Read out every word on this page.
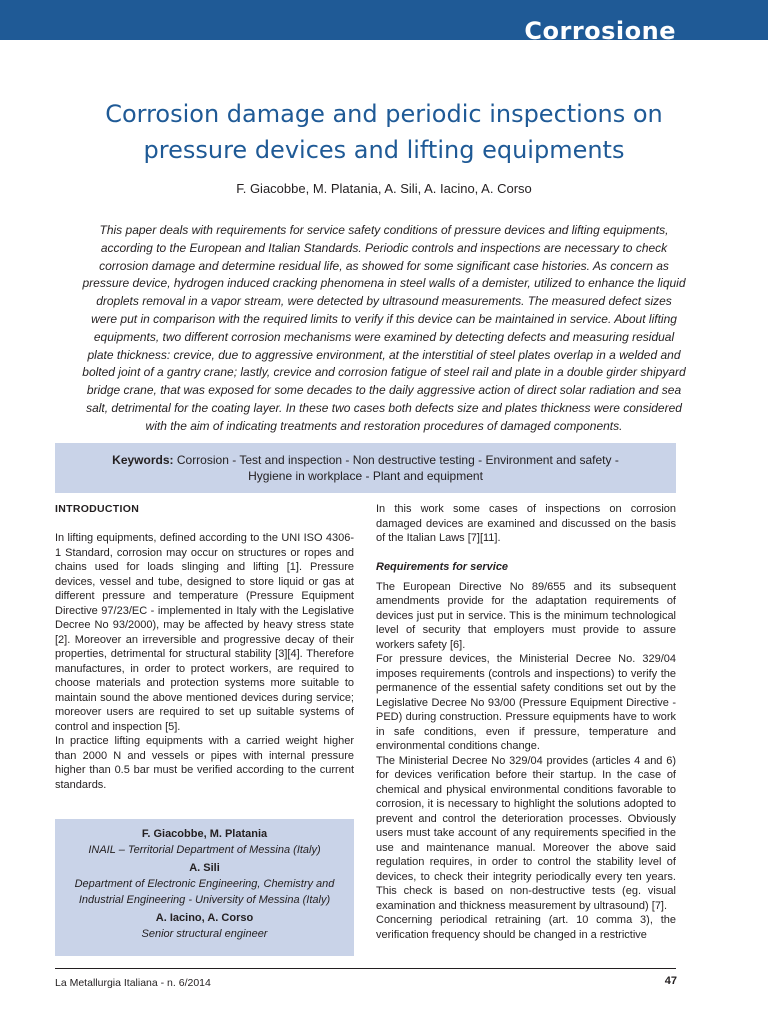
Corrosione
Corrosion damage and periodic inspections on
pressure devices and lifting equipments
F. Giacobbe, M. Platania, A. Sili, A. Iacino, A. Corso

This paper deals with requirements for service safety conditions of pressure devices and lifting equipments,
according to the European and Italian Standards. Periodic controls and inspections are necessary to check
corrosion damage and determine residual life, as showed for some significant case histories. As concern as
pressure device, hydrogen induced cracking phenomena in steel walls of a demister, utilized to enhance the liquid
droplets removal in a vapor stream, were detected by ultrasound measurements. The measured defect sizes
were put in comparison with the required limits to verify if this device can be maintained in service. About lifting
equipments, two different corrosion mechanisms were examined by detecting defects and measuring residual
plate thickness: crevice, due to aggressive environment, at the interstitial of steel plates overlap in a welded and
bolted joint of a gantry crane; lastly, crevice and corrosion fatigue of steel rail and plate in a double girder shipyard
bridge crane, that was exposed for some decades to the daily aggressive action of direct solar radiation and sea
salt, detrimental for the coating layer. In these two cases both defects size and plates thickness were considered
with the aim of indicating treatments and restoration procedures of damaged components.

Keywords: Corrosion - Test and inspection - Non destructive testing - Environment and safety -
Hygiene in workplace - Plant and equipment

INTRODUCTION

In lifting equipments, defined according to the UNI ISO 4306-1 Standard, corrosion may occur on structures or ropes and chains used for loads slinging and lifting [1]. Pressure devices, vessel and tube, designed to store liquid or gas at different pressure and temperature (Pressure Equipment Directive 97/23/EC - implemented in Italy with the Legislative Decree No 93/2000), may be affected by heavy stress state [2]. Moreover an irreversible and progressive decay of their properties, detrimental for structural stability [3][4]. Therefore manufactures, in order to protect workers, are required to choose materials and protection systems more suitable to maintain sound the above mentioned devices during service; moreover users are required to set up suitable systems of control and inspection [5].

In practice lifting equipments with a carried weight higher than 2000 N and vessels or pipes with internal pressure higher than 0.5 bar must be verified according to the current standards.

F. Giacobbe, M. Platania
INAIL – Territorial Department of Messina (Italy)
A. Sili
Department of Electronic Engineering, Chemistry and
Industrial Engineering - University of Messina (Italy)
A. Iacino, A. Corso
Senior structural engineer

In this work some cases of inspections on corrosion damaged devices are examined and discussed on the basis of the Italian Laws [7][11].

Requirements for service

The European Directive No 89/655 and its subsequent amendments provide for the adaptation requirements of devices just put in service. This is the minimum technological level of security that employers must provide to assure workers safety [6].

For pressure devices, the Ministerial Decree No. 329/04 imposes requirements (controls and inspections) to verify the permanence of the essential safety conditions set out by the Legislative Decree No 93/00 (Pressure Equipment Directive - PED) during construction. Pressure equipments have to work in safe conditions, even if pressure, temperature and environmental conditions change.

The Ministerial Decree No 329/04 provides (articles 4 and 6) for devices verification before their startup. In the case of chemical and physical environmental conditions favorable to corrosion, it is necessary to highlight the solutions adopted to prevent and control the deterioration processes. Obviously users must take account of any requirements specified in the use and maintenance manual. Moreover the above said regulation requires, in order to control the stability level of devices, to check their integrity periodically every ten years. This check is based on non-destructive tests (eg. visual examination and thickness measurement by ultrasound) [7].

Concerning periodical retraining (art. 10 comma 3), the verification frequency should be changed in a restrictive

La Metallurgia Italiana - n. 6/2014	47
